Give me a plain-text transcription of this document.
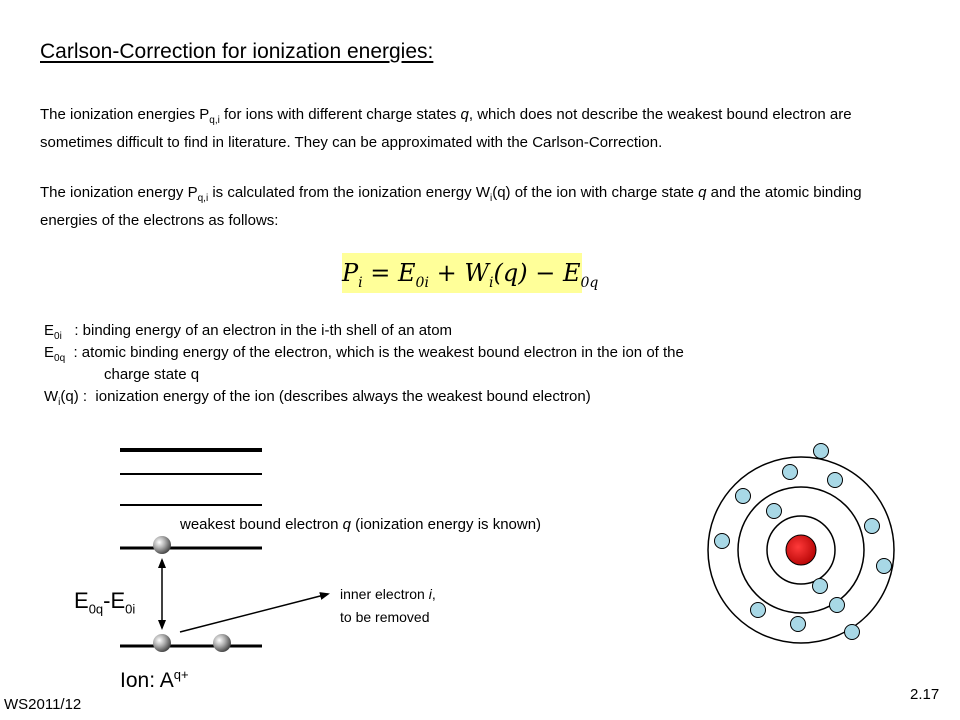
Carlson-Correction for ionization energies:
The ionization energies $P_{q,i}$ for ions with different charge states q, which does not describe the weakest bound electron are sometimes difficult to find in literature. They can be approximated with the Carlson-Correction.
The ionization energy $P_{q,i}$ is calculated from the ionization energy $W_i(q)$ of the ion with charge state q and the atomic binding energies of the electrons as follows:
$P_i = E_{0i} + W_i(q) - E_{0q}$
$E_{0i}$   : binding energy of an electron in the i-th shell of an atom
$E_{0q}$  : atomic binding energy of the electron, which is the weakest bound electron in the ion of the
charge state q
$W_i(q)$ :  ionization energy of the ion (describes always the weakest bound electron)
weakest bound electron q (ionization energy is known)
inner electron i,
to be removed
$E_{0q}-E_{0i}$
Ion: $A^{q+}$
WS2011/12
2.17
